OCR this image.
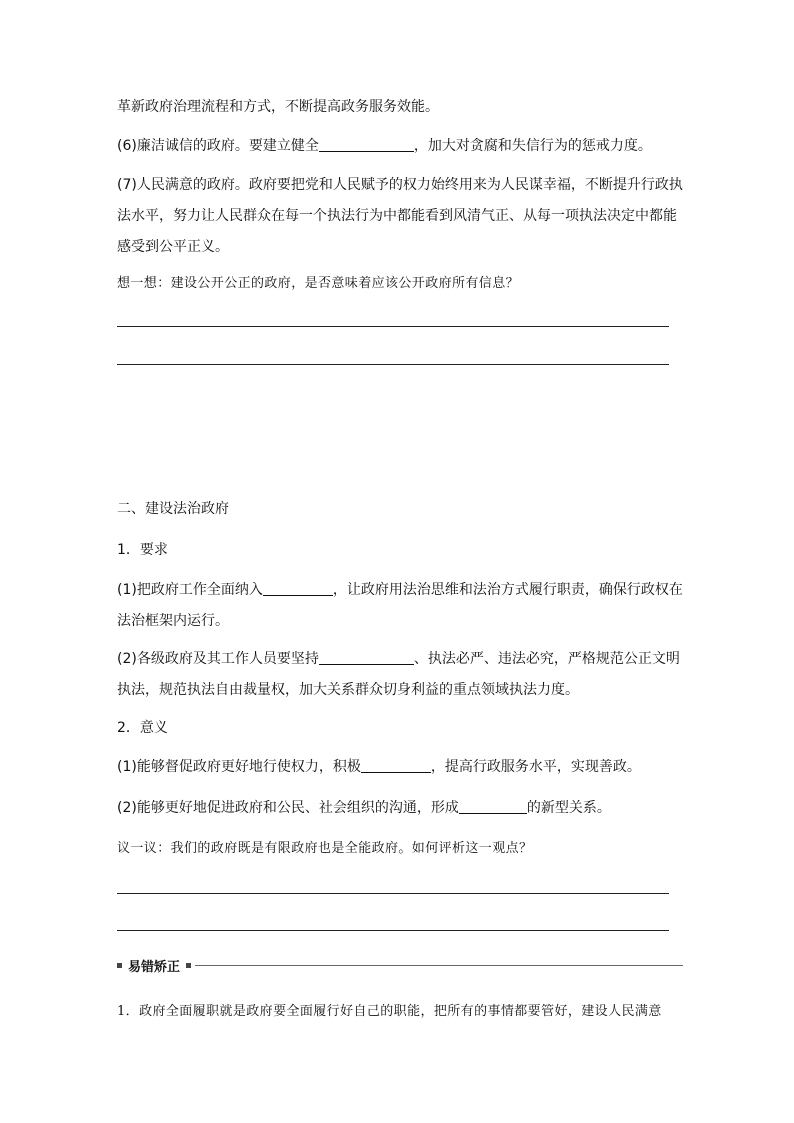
革新政府治理流程和方式，不断提高政务服务效能。

(6)廉洁诚信的政府。要建立健全	，加大对贪腐和失信行为的惩戒力度。

(7)人民满意的政府。政府要把党和人民赋予的权力始终用来为人民谋幸福，不断提升行政执法水平，努力让人民群众在每一个执法行为中都能看到风清气正、从每一项执法决定中都能感受到公平正义。

想一想：建设公开公正的政府，是否意味着应该公开政府所有信息？

二、建设法治政府

1．要求

(1)把政府工作全面纳入	，让政府用法治思维和法治方式履行职责，确保行政权在法治框架内运行。

(2)各级政府及其工作人员要坚持	、执法必严、违法必究，严格规范公正文明执法，规范执法自由裁量权，加大关系群众切身利益的重点领域执法力度。

2．意义

(1)能够督促政府更好地行使权力，积极	，提高行政服务水平，实现善政。

(2)能够更好地促进政府和公民、社会组织的沟通，形成	的新型关系。

议一议：我们的政府既是有限政府也是全能政府。如何评析这一观点？

易错矫正

1．政府全面履职就是政府要全面履行好自己的职能，把所有的事情都要管好，建设人民满意
